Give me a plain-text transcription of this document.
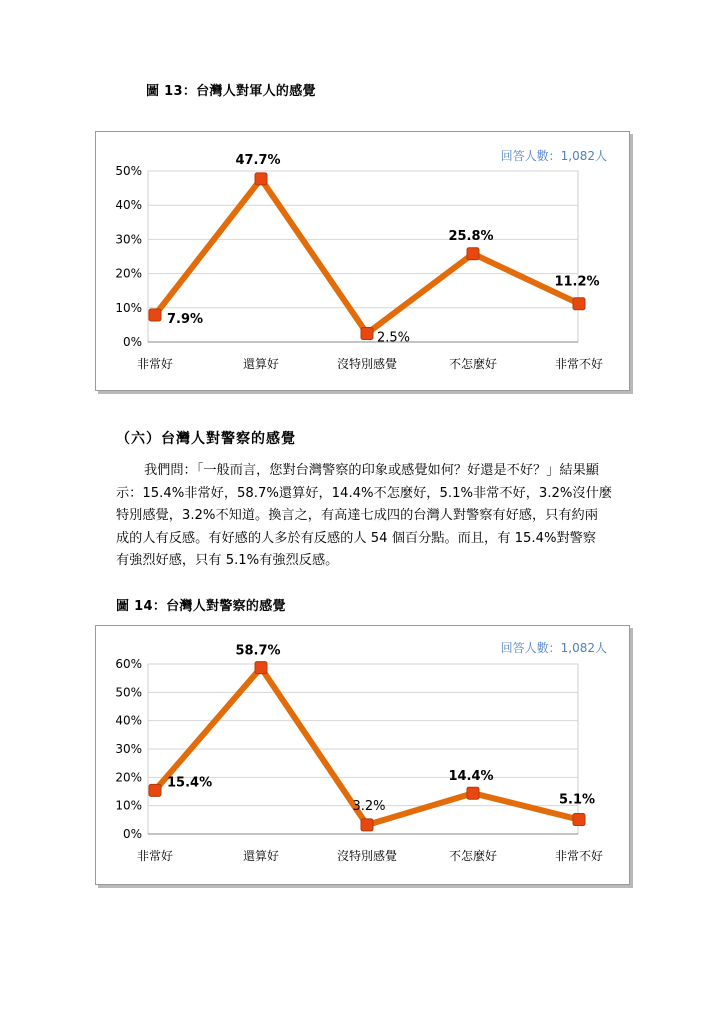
圖 13：台灣人對軍人的感覺
0%
10%
20%
30%
40%
50%
非常好	還算好	沒特別感覺	不怎麼好	非常不好
7.9%
47.7%
2.5%
25.8%
11.2%
回答人數：1,082人
（六）台灣人對警察的感覺
我們問：「一般而言，您對台灣警察的印象或感覺如何？好還是不好？」結果顯
示：15.4%非常好，58.7%還算好，14.4%不怎麼好，5.1%非常不好，3.2%沒什麼
特別感覺，3.2%不知道。換言之，有高達七成四的台灣人對警察有好感，只有約兩
成的人有反感。有好感的人多於有反感的人 54 個百分點。而且，有 15.4%對警察
有強烈好感，只有 5.1%有強烈反感。
圖 14：台灣人對警察的感覺
0%
10%
20%
30%
40%
50%
60%
非常好	還算好	沒特別感覺	不怎麼好	非常不好
15.4%
58.7%
3.2%
14.4%
5.1%
回答人數：1,082人
